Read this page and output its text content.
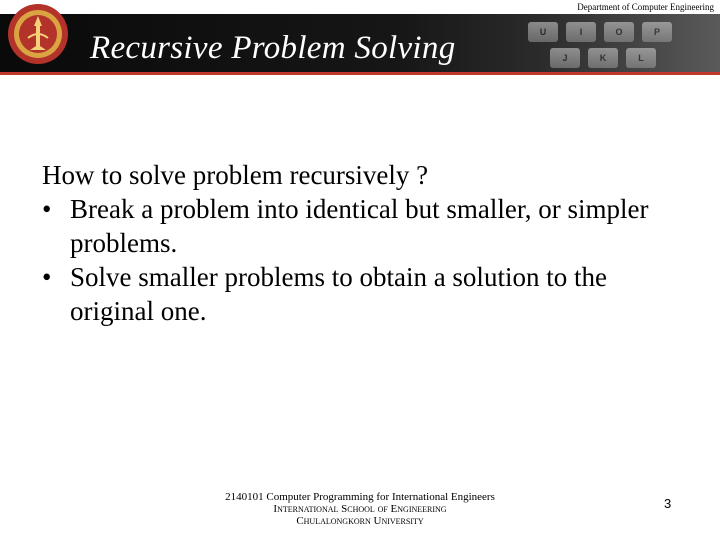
U	I	O	P
J	K	L
Recursive Problem Solving
Department of Computer Engineering

How to solve problem recursively ?

• Break a problem into identical but smaller, or simpler problems.
• Solve smaller problems to obtain a solution to the original one.
2140101 Computer Programming for International Engineers
International School of Engineering
Chulalongkorn University
3
